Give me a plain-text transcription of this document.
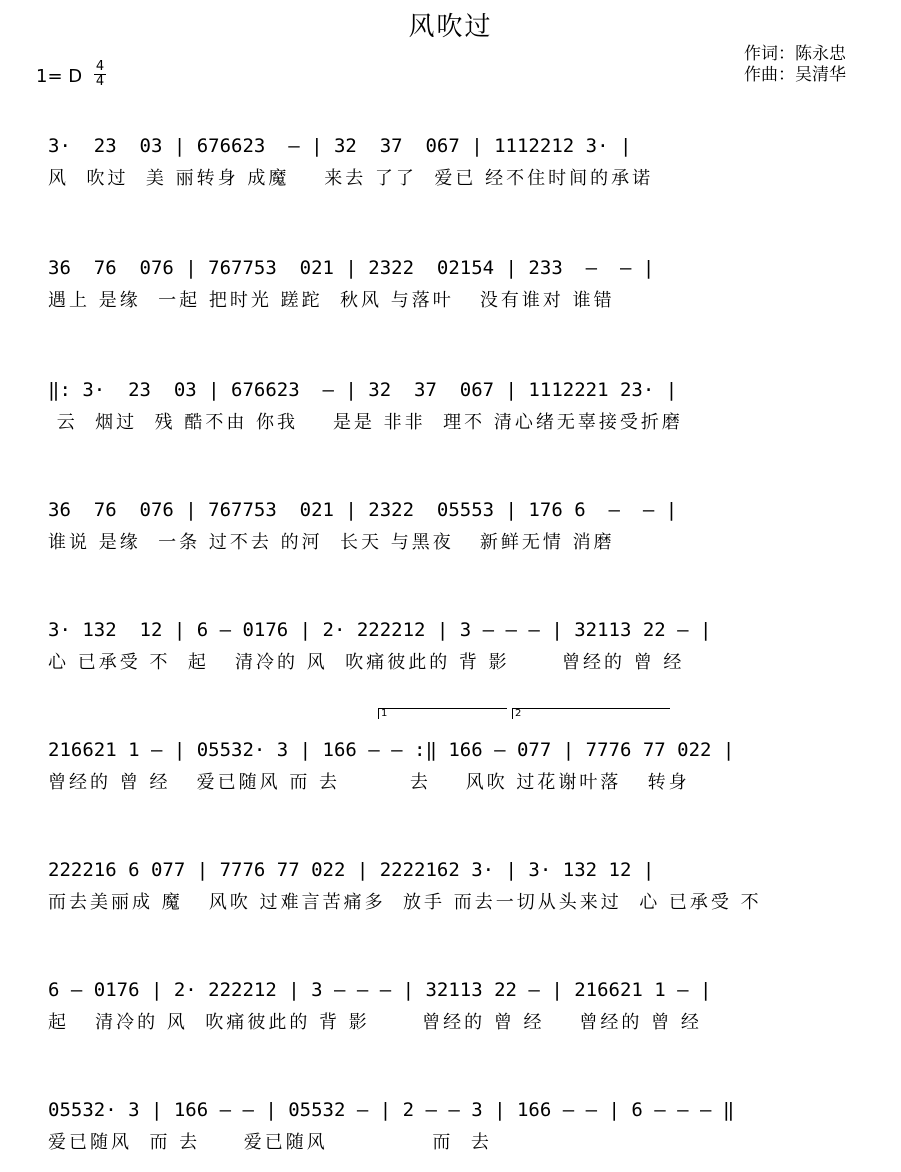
风吹过
作词：陈永忠
作曲：吴清华
1= D 4
4
3·  23  03 | 676623  — | 32  37  067 | 1112212 3· |
风  吹过  美 丽转身 成魔    来去 了了  爱已 经不住时间的承诺
36  76  076 | 767753  021 | 2322  02154 | 233  —  — |
遇上 是缘  一起 把时光 蹉跎  秋风 与落叶   没有谁对 谁错
‖: 3·  23  03 | 676623  — | 32  37  067 | 1112221 23· |
云  烟过  残 酷不由 你我    是是 非非  理不 清心绪无辜接受折磨
36  76  076 | 767753  021 | 2322  05553 | 176 6  —  — |
谁说 是缘  一条 过不去 的河  长天 与黑夜   新鲜无情 消磨
3· 132  12 | 6 — 0176 | 2· 222212 | 3 — — — | 32113 22 — |
心 已承受 不  起   清冷的 风  吹痛彼此的 背 影      曾经的 曾 经
1	2
216621 1 — | 05532· 3 | 166 — — :‖ 166 — 077 | 7776 77 022 |
曾经的 曾 经   爱已随风 而 去        去    风吹 过花谢叶落   转身
222216 6 077 | 7776 77 022 | 2222162 3· | 3· 132 12 |
而去美丽成 魔   风吹 过难言苦痛多  放手 而去一切从头来过  心 已承受 不
6 — 0176 | 2· 222212 | 3 — — — | 32113 22 — | 216621 1 — |
起   清冷的 风  吹痛彼此的 背 影      曾经的 曾 经    曾经的 曾 经
05532· 3 | 166 — — | 05532 — | 2 — — 3 | 166 — — | 6 — — — ‖
爱已随风  而 去     爱已随风            而  去
